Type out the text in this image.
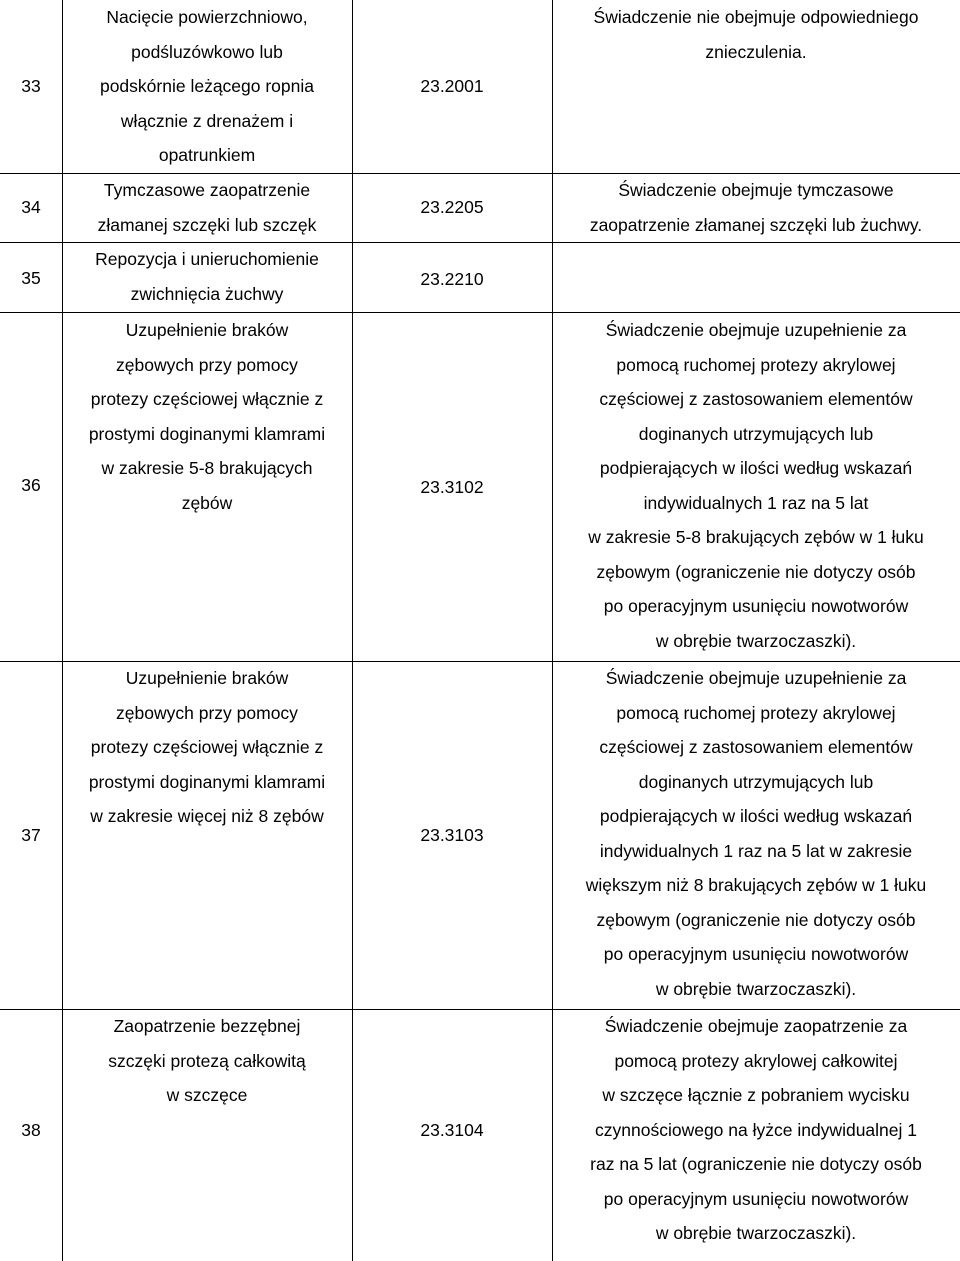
33
Nacięcie powierzchniowo,
podśluzówkowo lub
podskórnie leżącego ropnia
włącznie z drenażem i
opatrunkiem
23.2001
Świadczenie nie obejmuje odpowiedniego
znieczulenia.
34
Tymczasowe zaopatrzenie
złamanej szczęki lub szczęk
23.2205
Świadczenie obejmuje tymczasowe
zaopatrzenie złamanej szczęki lub żuchwy.
35
Repozycja i unieruchomienie
zwichnięcia żuchwy
23.2210
36
Uzupełnienie braków
zębowych przy pomocy
protezy częściowej włącznie z
prostymi doginanymi klamrami
w zakresie 5-8 brakujących
zębów
23.3102
Świadczenie obejmuje uzupełnienie za
pomocą ruchomej protezy akrylowej
częściowej z zastosowaniem elementów
doginanych utrzymujących lub
podpierających w ilości według wskazań
indywidualnych 1 raz na 5 lat
w zakresie 5-8 brakujących zębów w 1 łuku
zębowym (ograniczenie nie dotyczy osób
po operacyjnym usunięciu nowotworów
w obrębie twarzoczaszki).
37
Uzupełnienie braków
zębowych przy pomocy
protezy częściowej włącznie z
prostymi doginanymi klamrami
w zakresie więcej niż 8 zębów
23.3103
Świadczenie obejmuje uzupełnienie za
pomocą ruchomej protezy akrylowej
częściowej z zastosowaniem elementów
doginanych utrzymujących lub
podpierających w ilości według wskazań
indywidualnych 1 raz na 5 lat w zakresie
większym niż 8 brakujących zębów w 1 łuku
zębowym (ograniczenie nie dotyczy osób
po operacyjnym usunięciu nowotworów
w obrębie twarzoczaszki).
38
Zaopatrzenie bezzębnej
szczęki protezą całkowitą
w szczęce
23.3104
Świadczenie obejmuje zaopatrzenie za
pomocą protezy akrylowej całkowitej
w szczęce łącznie z pobraniem wycisku
czynnościowego na łyżce indywidualnej 1
raz na 5 lat (ograniczenie nie dotyczy osób
po operacyjnym usunięciu nowotworów
w obrębie twarzoczaszki).
